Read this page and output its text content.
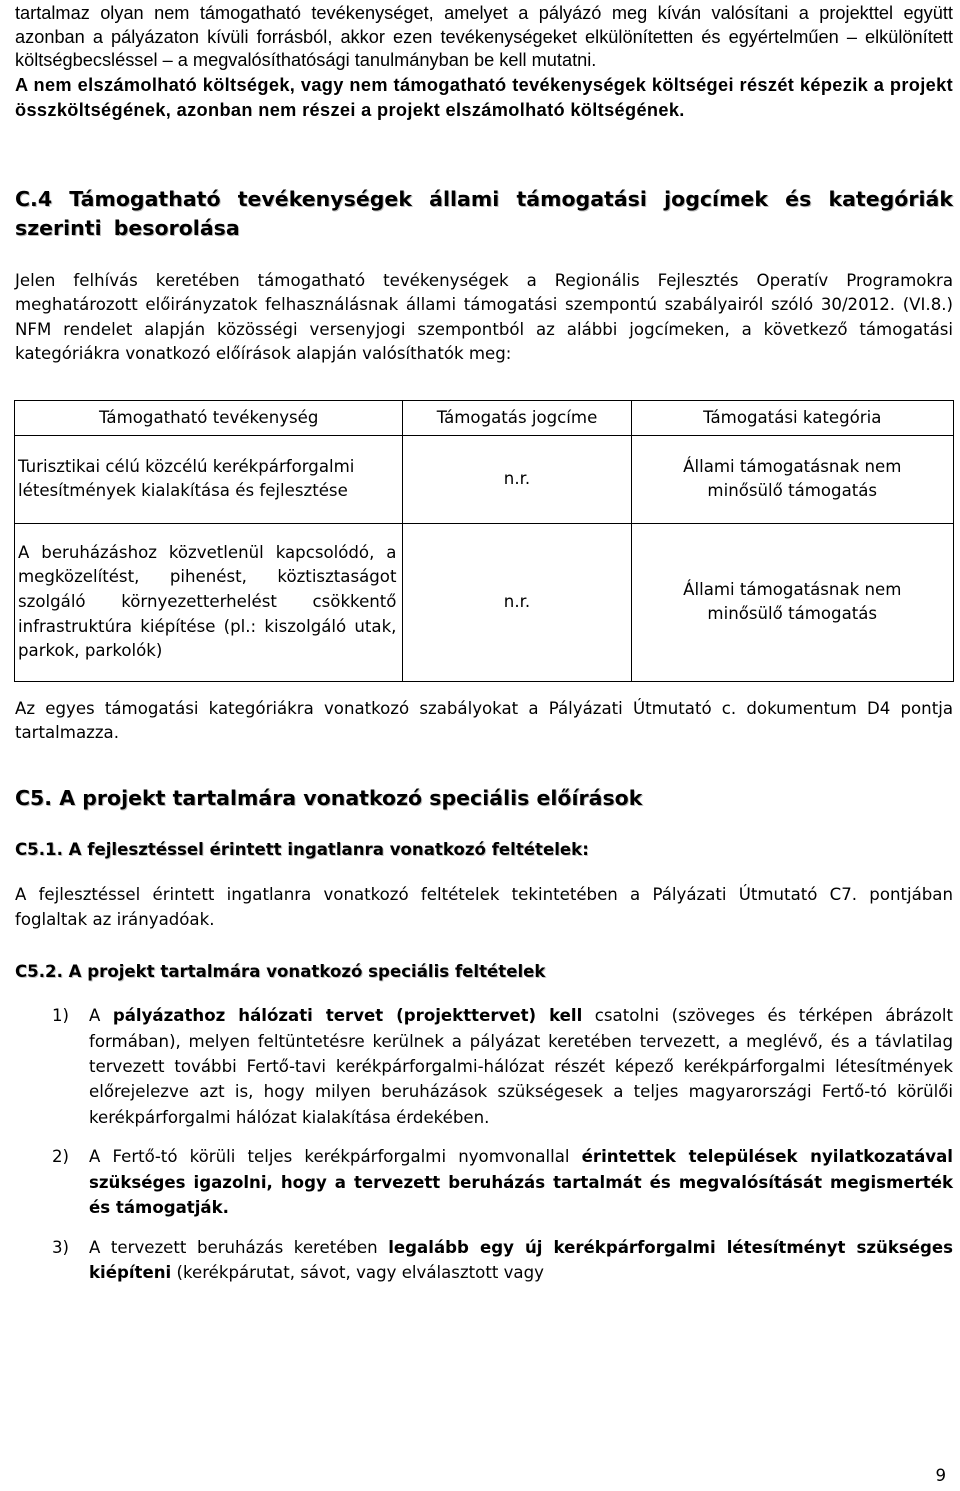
tartalmaz olyan nem támogatható tevékenységet, amelyet a pályázó meg kíván valósítani a projekttel együtt azonban a pályázaton kívüli forrásból, akkor ezen tevékenységeket elkülönítetten és egyértelműen – elkülönített költségbecsléssel – a megvalósíthatósági tanulmányban be kell mutatni.

A nem elszámolható költségek, vagy nem támogatható tevékenységek költségei részét képezik a projekt összköltségének, azonban nem részei a projekt elszámolható költségének.

C.4 Támogatható tevékenységek állami támogatási jogcímek és kategóriák szerinti besorolása

Jelen felhívás keretében támogatható tevékenységek a Regionális Fejlesztés Operatív Programokra meghatározott előirányzatok felhasználásnak állami támogatási szempontú szabályairól szóló 30/2012. (VI.8.) NFM rendelet alapján közösségi versenyjogi szempontból az alábbi jogcímeken, a következő támogatási kategóriákra vonatkozó előírások alapján valósíthatók meg:

Támogatható tevékenység	Támogatás jogcíme	Támogatási kategória
Turisztikai célú közcélú kerékpárforgalmi létesítmények kialakítása és fejlesztése	n.r.	Állami támogatásnak nem minősülő támogatás
A beruházáshoz közvetlenül kapcsolódó, a megközelítést, pihenést, köztisztaságot szolgáló környezetterhelést csökkentő infrastruktúra kiépítése (pl.: kiszolgáló utak, parkok, parkolók)	n.r.	Állami támogatásnak nem minősülő támogatás

Az egyes támogatási kategóriákra vonatkozó szabályokat a Pályázati Útmutató c. dokumentum D4 pontja tartalmazza.

C5. A projekt tartalmára vonatkozó speciális előírások

C5.1. A fejlesztéssel érintett ingatlanra vonatkozó feltételek:

A fejlesztéssel érintett ingatlanra vonatkozó feltételek tekintetében a Pályázati Útmutató C7. pontjában foglaltak az irányadóak.

C5.2. A projekt tartalmára vonatkozó speciális feltételek

1) A pályázathoz hálózati tervet (projekttervet) kell csatolni (szöveges és térképen ábrázolt formában), melyen feltüntetésre kerülnek a pályázat keretében tervezett, a meglévő, és a távlatilag tervezett további Fertő-tavi kerékpárforgalmi-hálózat részét képező kerékpárforgalmi létesítmények előrejelezve azt is, hogy milyen beruházások szükségesek a teljes magyarországi Fertő-tó körülői kerékpárforgalmi hálózat kialakítása érdekében.
2) A Fertő-tó körüli teljes kerékpárforgalmi nyomvonallal érintettek települések nyilatkozatával szükséges igazolni, hogy a tervezett beruházás tartalmát és megvalósítását megismerték és támogatják.
3) A tervezett beruházás keretében legalább egy új kerékpárforgalmi létesítményt szükséges kiépíteni (kerékpárutat, sávot, vagy elválasztott vagy
9
